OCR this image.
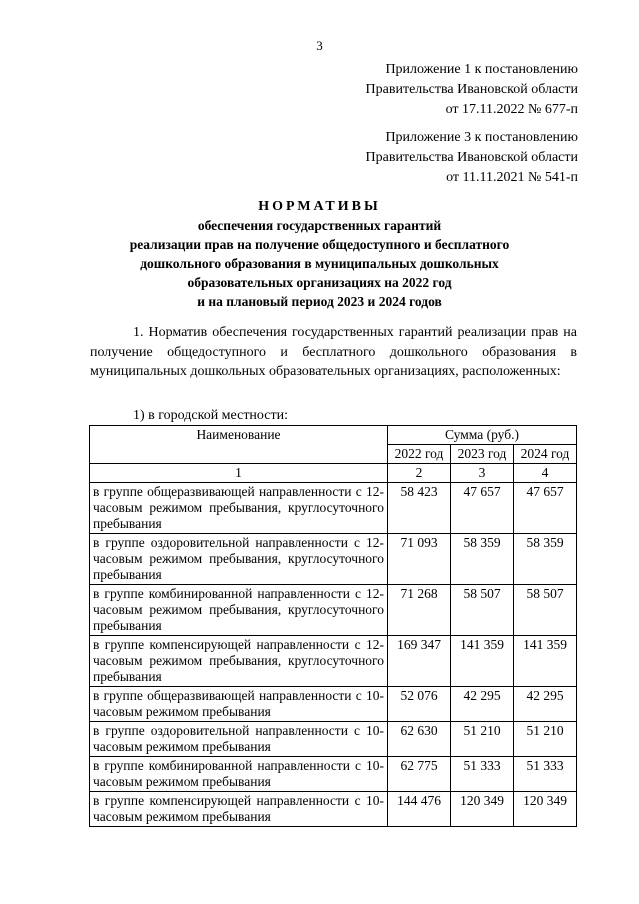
3
Приложение 1 к постановлению
Правительства Ивановской области
от 17.11.2022 № 677-п
Приложение 3 к постановлению
Правительства Ивановской области
от 11.11.2021 № 541-п
НОРМАТИВЫ
обеспечения государственных гарантий
реализации прав на получение общедоступного и бесплатного
дошкольного образования в муниципальных дошкольных
образовательных организациях на 2022 год
и на плановый период 2023 и 2024 годов
1. Норматив обеспечения государственных гарантий реализации прав на получение общедоступного и бесплатного дошкольного образования в муниципальных дошкольных образовательных организациях, расположенных:
1) в городской местности:
Наименование	Сумма (руб.)		
	2022 год	2023 год	2024 год
1	2	3	4
в группе общеразвивающей направленности с 12-часовым режимом пребывания, круглосуточного пребывания	58 423	47 657	47 657
в группе оздоровительной направленности с 12-часовым режимом пребывания, круглосуточного пребывания	71 093	58 359	58 359
в группе комбинированной направленности с 12-часовым режимом пребывания, круглосуточного пребывания	71 268	58 507	58 507
в группе компенсирующей направленности с 12-часовым режимом пребывания, круглосуточного пребывания	169 347	141 359	141 359
в группе общеразвивающей направленности с 10-часовым режимом пребывания	52 076	42 295	42 295
в группе оздоровительной направленности с 10-часовым режимом пребывания	62 630	51 210	51 210
в группе комбинированной направленности с 10-часовым режимом пребывания	62 775	51 333	51 333
в группе компенсирующей направленности с 10-часовым режимом пребывания	144 476	120 349	120 349
